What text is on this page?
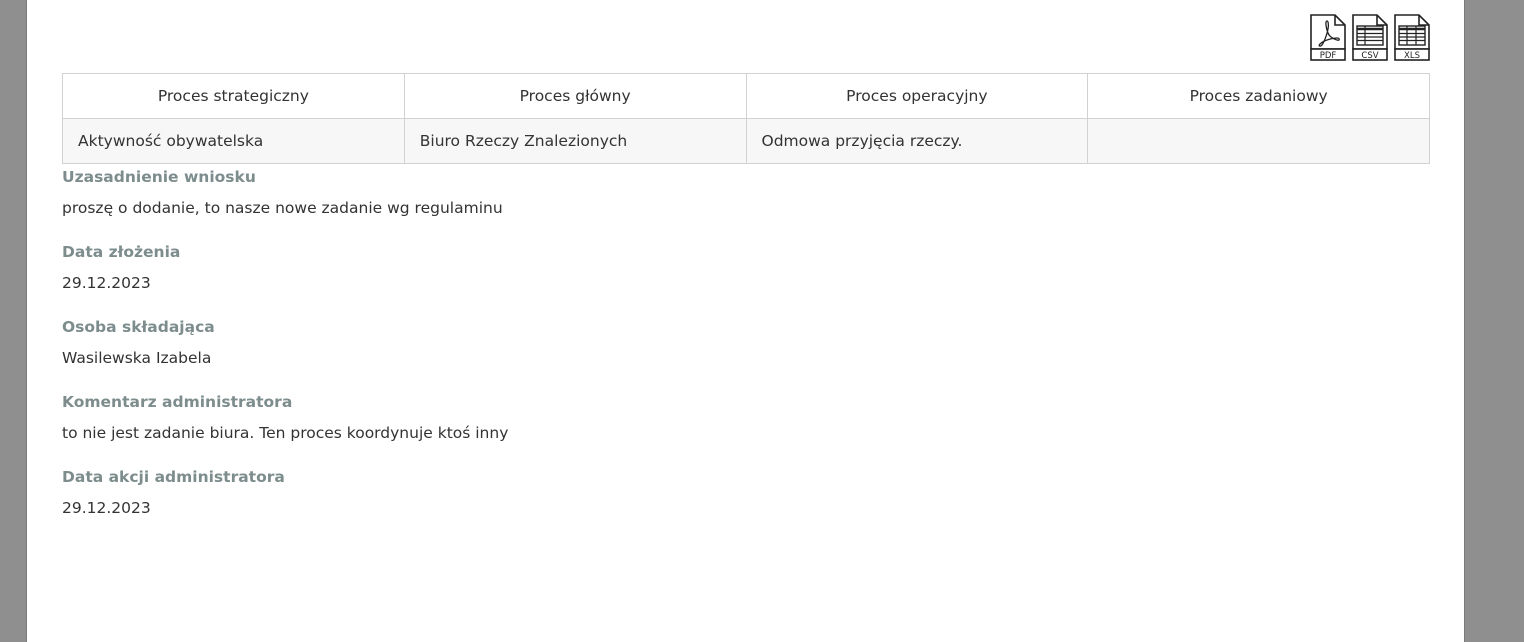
PDF	CSV	XLS
Proces strategiczny	Proces główny	Proces operacyjny	Proces zadaniowy
Aktywność obywatelska	Biuro Rzeczy Znalezionych	Odmowa przyjęcia rzeczy.	
Uzasadnienie wniosku
proszę o dodanie, to nasze nowe zadanie wg regulaminu
Data złożenia
29.12.2023
Osoba składająca
Wasilewska Izabela
Komentarz administratora
to nie jest zadanie biura. Ten proces koordynuje ktoś inny
Data akcji administratora
29.12.2023
